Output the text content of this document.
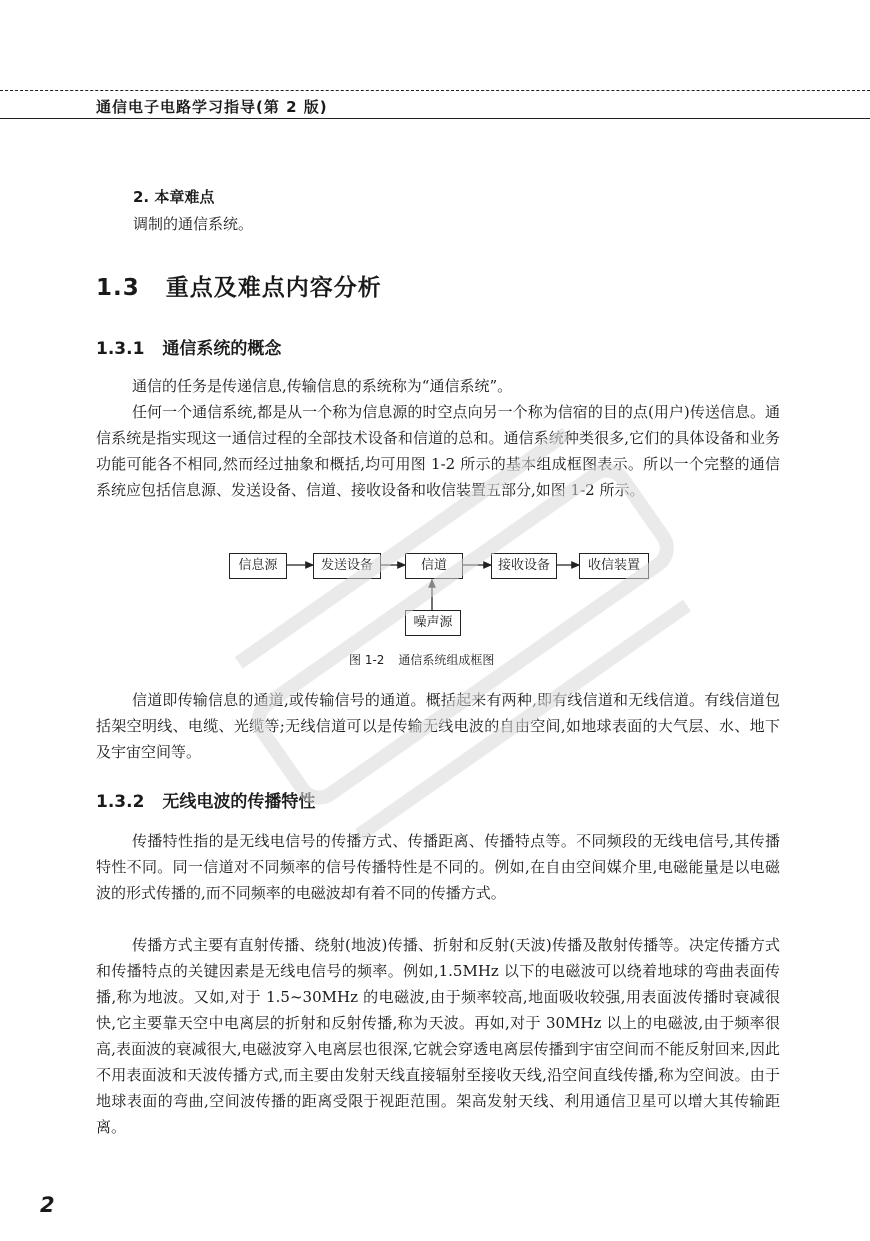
通信电子电路学习指导(第 2 版)
2. 本章难点
调制的通信系统。
1.3 重点及难点内容分析
1.3.1 通信系统的概念

通信的任务是传递信息,传输信息的系统称为“通信系统”。

任何一个通信系统,都是从一个称为信息源的时空点向另一个称为信宿的目的点(用户)传送信息。通信系统是指实现这一通信过程的全部技术设备和信道的总和。通信系统种类很多,它们的具体设备和业务功能可能各不相同,然而经过抽象和概括,均可用图 1-2 所示的基本组成框图表示。所以一个完整的通信系统应包括信息源、发送设备、信道、接收设备和收信装置五部分,如图 1-2 所示。

信息源	发送设备	信道	接收设备	收信装置
噪声源
图 1-2 通信系统组成框图

信道即传输信息的通道,或传输信号的通道。概括起来有两种,即有线信道和无线信道。有线信道包括架空明线、电缆、光缆等;无线信道可以是传输无线电波的自由空间,如地球表面的大气层、水、地下及宇宙空间等。

1.3.2 无线电波的传播特性

传播特性指的是无线电信号的传播方式、传播距离、传播特点等。不同频段的无线电信号,其传播特性不同。同一信道对不同频率的信号传播特性是不同的。例如,在自由空间媒介里,电磁能量是以电磁波的形式传播的,而不同频率的电磁波却有着不同的传播方式。

传播方式主要有直射传播、绕射(地波)传播、折射和反射(天波)传播及散射传播等。决定传播方式和传播特点的关键因素是无线电信号的频率。例如,1.5MHz 以下的电磁波可以绕着地球的弯曲表面传播,称为地波。又如,对于 1.5~30MHz 的电磁波,由于频率较高,地面吸收较强,用表面波传播时衰减很快,它主要靠天空中电离层的折射和反射传播,称为天波。再如,对于 30MHz 以上的电磁波,由于频率很高,表面波的衰减很大,电磁波穿入电离层也很深,它就会穿透电离层传播到宇宙空间而不能反射回来,因此不用表面波和天波传播方式,而主要由发射天线直接辐射至接收天线,沿空间直线传播,称为空间波。由于地球表面的弯曲,空间波传播的距离受限于视距范围。架高发射天线、利用通信卫星可以增大其传输距离。

2
